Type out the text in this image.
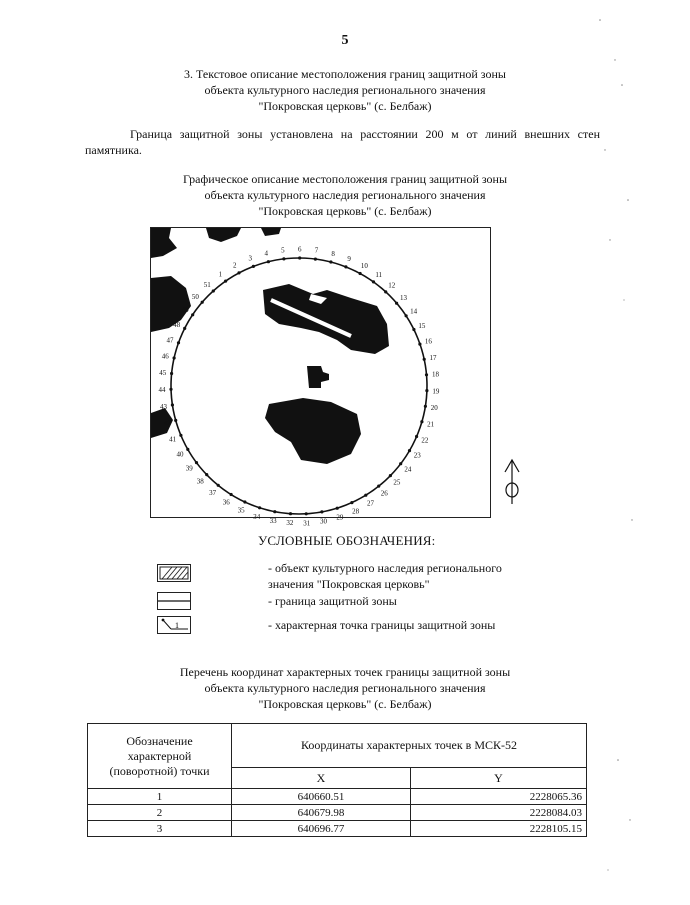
5
3. Текстовое описание местоположения границ защитной зоны
объекта культурного наследия регионального значения
"Покровская церковь" (с. Белбаж)
Граница защитной зоны установлена на расстоянии 200 м от линий внешних стен памятника.
Графическое описание местоположения границ защитной зоны
объекта культурного наследия регионального значения
"Покровская церковь" (с. Белбаж)
1
2
3
4 5 6 7 8
9
10
11
12
13
14
15
16
17
18
19
20
21
22
23
24
25
26
27
28
29
30
31
32
33
34
35
36
37
38
39
40
41
42
43
44
45
46
47
48
49
50
51
УСЛОВНЫЕ ОБОЗНАЧЕНИЯ:
- объект культурного наследия регионального
значения "Покровская церковь"
- граница защитной зоны
1	- характерная точка границы защитной зоны
Перечень координат характерных точек границы защитной зоны
объекта культурного наследия регионального значения
"Покровская церковь" (с. Белбаж)
Обозначение
характерной
(поворотной) точки	Координаты характерных точек в МСК-52	
	X	Y
1	640660.51	2228065.36
2	640679.98	2228084.03
3	640696.77	2228105.15
